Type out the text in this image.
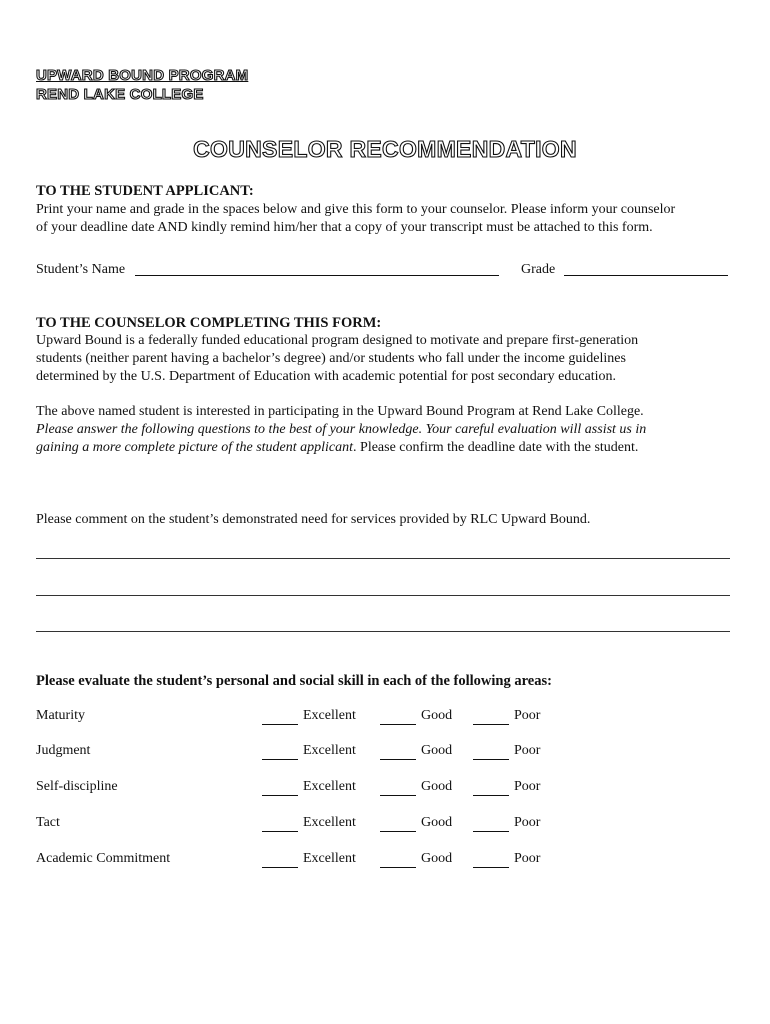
UPWARD BOUND PROGRAM
REND LAKE COLLEGE
COUNSELOR RECOMMENDATION
TO THE STUDENT APPLICANT:
Print your name and grade in the spaces below and give this form to your counselor. Please inform your counselor
of your deadline date AND kindly remind him/her that a copy of your transcript must be attached to this form.
Student’s Name	Grade
TO THE COUNSELOR COMPLETING THIS FORM:
Upward Bound is a federally funded educational program designed to motivate and prepare first-generation
students (neither parent having a bachelor’s degree) and/or students who fall under the income guidelines
determined by the U.S. Department of Education with academic potential for post secondary education.
The above named student is interested in participating in the Upward Bound Program at Rend Lake College.
Please answer the following questions to the best of your knowledge. Your careful evaluation will assist us in
gaining a more complete picture of the student applicant. Please confirm the deadline date with the student.
Please comment on the student’s demonstrated need for services provided by RLC Upward Bound.
Please evaluate the student’s personal and social skill in each of the following areas:
Maturity	Excellent	Good	Poor
Judgment	Excellent	Good	Poor
Self-discipline	Excellent	Good	Poor
Tact	Excellent	Good	Poor
Academic Commitment	Excellent	Good	Poor
